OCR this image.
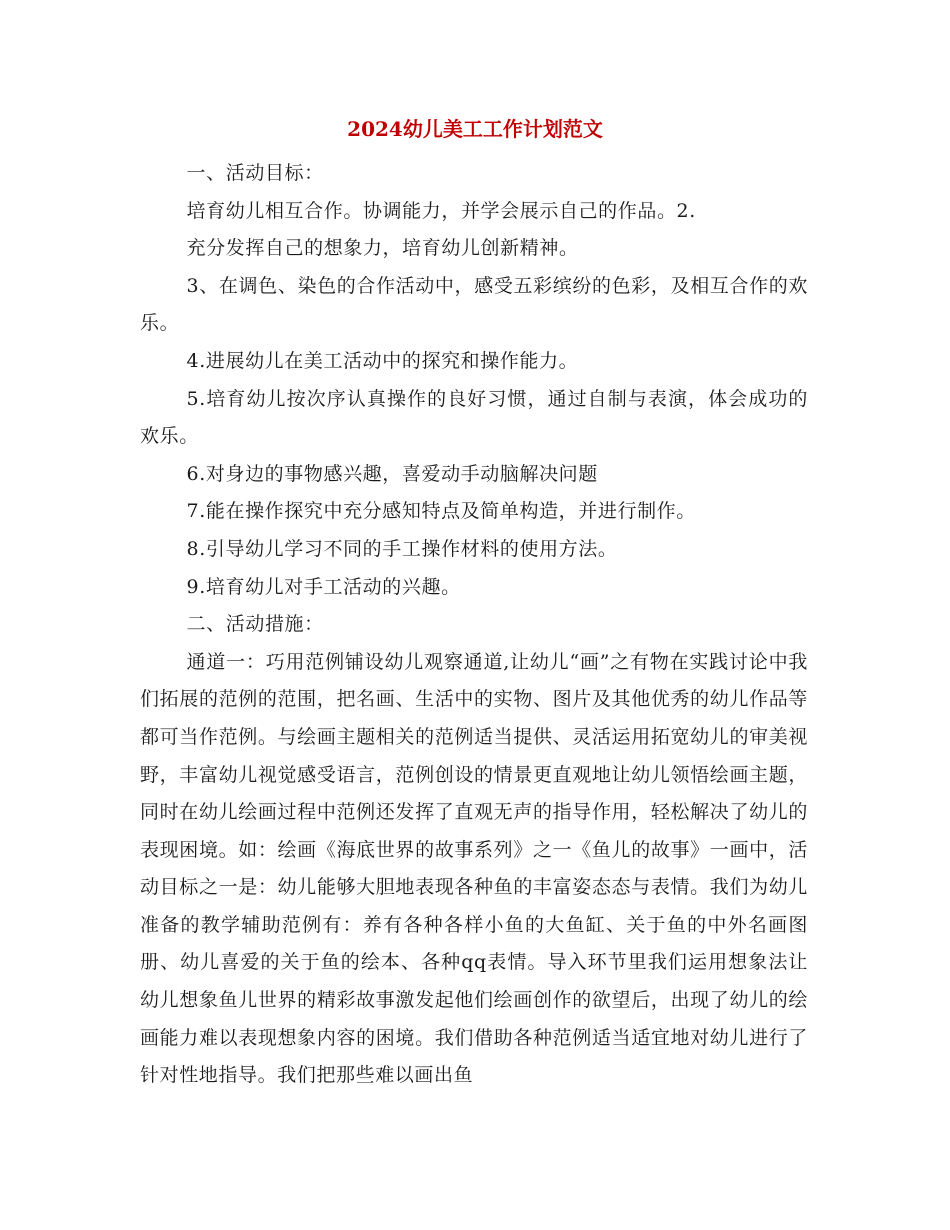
2024幼儿美工工作计划范文

一、活动目标：

培育幼儿相互合作。协调能力，并学会展示自己的作品。2.

充分发挥自己的想象力，培育幼儿创新精神。

3、在调色、染色的合作活动中，感受五彩缤纷的色彩，及相互合作的欢乐。

4.进展幼儿在美工活动中的探究和操作能力。

5.培育幼儿按次序认真操作的良好习惯，通过自制与表演，体会成功的欢乐。

6.对身边的事物感兴趣，喜爱动手动脑解决问题

7.能在操作探究中充分感知特点及简单构造，并进行制作。

8.引导幼儿学习不同的手工操作材料的使用方法。

9.培育幼儿对手工活动的兴趣。

二、活动措施：

通道一：巧用范例铺设幼儿观察通道,让幼儿“画”之有物在实践讨论中我们拓展的范例的范围，把名画、生活中的实物、图片及其他优秀的幼儿作品等都可当作范例。与绘画主题相关的范例适当提供、灵活运用拓宽幼儿的审美视野，丰富幼儿视觉感受语言，范例创设的情景更直观地让幼儿领悟绘画主题，同时在幼儿绘画过程中范例还发挥了直观无声的指导作用，轻松解决了幼儿的表现困境。如：绘画《海底世界的故事系列》之一《鱼儿的故事》一画中，活动目标之一是：幼儿能够大胆地表现各种鱼的丰富姿态态与表情。我们为幼儿准备的教学辅助范例有：养有各种各样小鱼的大鱼缸、关于鱼的中外名画图册、幼儿喜爱的关于鱼的绘本、各种qq表情。导入环节里我们运用想象法让幼儿想象鱼儿世界的精彩故事激发起他们绘画创作的欲望后，出现了幼儿的绘画能力难以表现想象内容的困境。我们借助各种范例适当适宜地对幼儿进行了针对性地指导。我们把那些难以画出鱼
